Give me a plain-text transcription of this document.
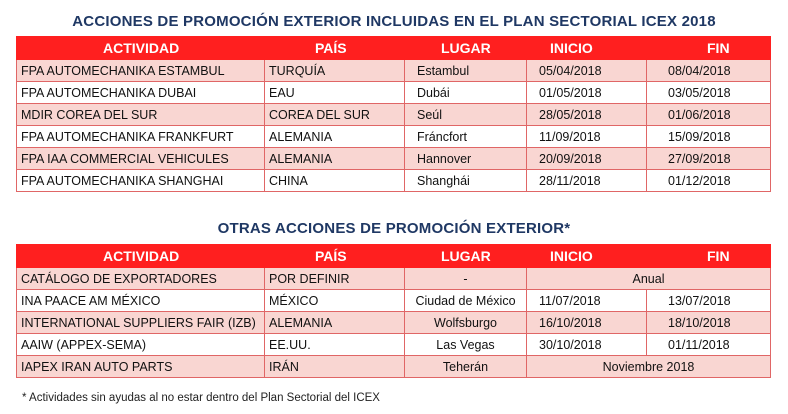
ACCIONES DE PROMOCIÓN EXTERIOR INCLUIDAS EN EL PLAN SECTORIAL ICEX 2018
ACTIVIDAD	PAÍS	LUGAR	INICIO	FIN
FPA AUTOMECHANIKA ESTAMBUL	TURQUÍA	Estambul	05/04/2018	08/04/2018
FPA AUTOMECHANIKA DUBAI	EAU	Dubái	01/05/2018	03/05/2018
MDIR COREA DEL SUR	COREA DEL SUR	Seúl	28/05/2018	01/06/2018
FPA AUTOMECHANIKA FRANKFURT	ALEMANIA	Fráncfort	11/09/2018	15/09/2018
FPA IAA COMMERCIAL VEHICULES	ALEMANIA	Hannover	20/09/2018	27/09/2018
FPA AUTOMECHANIKA SHANGHAI	CHINA	Shanghái	28/11/2018	01/12/2018
OTRAS ACCIONES DE PROMOCIÓN EXTERIOR*
ACTIVIDAD	PAÍS	LUGAR	INICIO	FIN
CATÁLOGO DE EXPORTADORES	POR DEFINIR	-	Anual	
INA PAACE AM MÉXICO	MÉXICO	Ciudad de México	11/07/2018	13/07/2018
INTERNATIONAL SUPPLIERS FAIR (IZB)	ALEMANIA	Wolfsburgo	16/10/2018	18/10/2018
AAIW (APPEX-SEMA)	EE.UU.	Las Vegas	30/10/2018	01/11/2018
IAPEX IRAN AUTO PARTS	IRÁN	Teherán	Noviembre 2018	
* Actividades sin ayudas al no estar dentro del Plan Sectorial del ICEX
